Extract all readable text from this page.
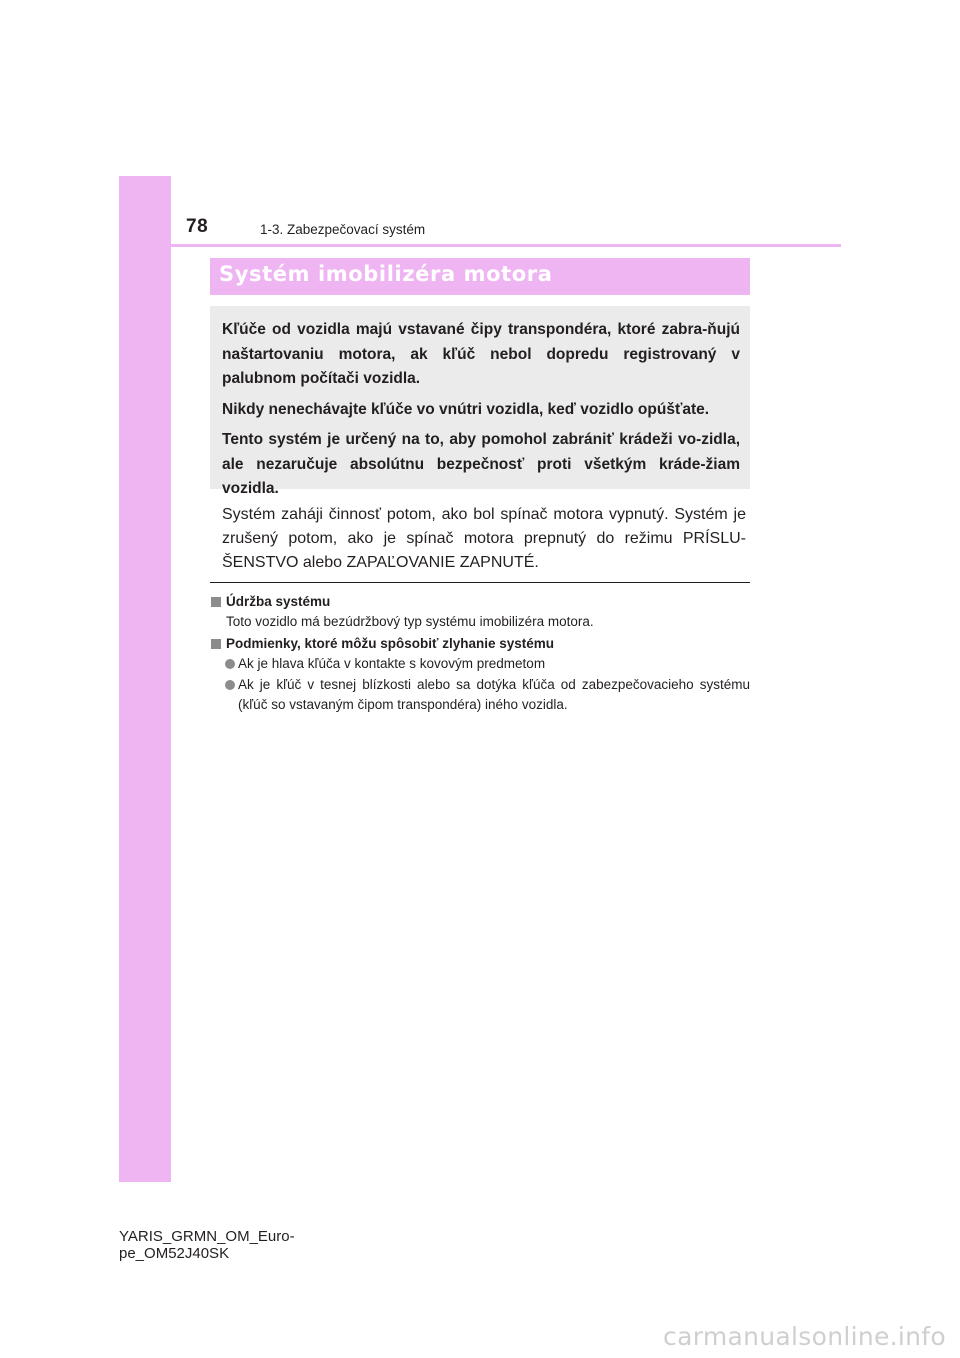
78	1-3. Zabezpečovací systém
Systém imobilizéra motora

Kľúče od vozidla majú vstavané čipy transpondéra, ktoré zabra-ňujú naštartovaniu motora, ak kľúč nebol dopredu registrovaný v palubnom počítači vozidla.

Nikdy nenechávajte kľúče vo vnútri vozidla, keď vozidlo opúšťate.

Tento systém je určený na to, aby pomohol zabrániť krádeži vo-zidla, ale nezaručuje absolútnu bezpečnosť proti všetkým kráde-žiam vozidla.

Systém zaháji činnosť potom, ako bol spínač motora vypnutý. Systém je zrušený potom, ako je spínač motora prepnutý do režimu PRÍSLU-ŠENSTVO alebo ZAPAĽOVANIE ZAPNUTÉ.

Údržba systému
Toto vozidlo má bezúdržbový typ systému imobilizéra motora.
Podmienky, ktoré môžu spôsobiť zlyhanie systému
Ak je hlava kľúča v kontakte s kovovým predmetom
Ak je kľúč v tesnej blízkosti alebo sa dotýka kľúča od zabezpečovacieho systému (kľúč so vstavaným čipom transpondéra) iného vozidla.
YARIS_GRMN_OM_Euro-
pe_OM52J40SK
carmanualsonline.info
